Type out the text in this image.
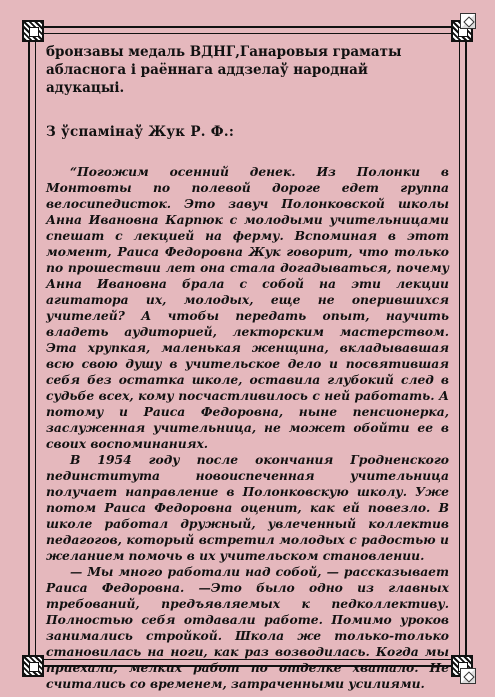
бронзавы медаль ВДНГ,Ганаровыя граматы абласнога і раённага аддзелаў народнай адукацыі.

З ўспамінаў Жук Р. Ф.:

“Погожим осенний денек. Из Полонки в Монтовты по полевой дороге едет группа велосипедисток. Это завуч Полонковской школы Анна Ивановна Карпюк с молодыми учительницами спешат с лекцией на ферму. Вспоминая в этот момент, Раиса Федоровна Жук говорит, что только по прошествии лет она стала догадываться, почему Анна Ивановна брала с собой на эти лекции агитатора их, молодых, еще не оперившихся учителей? А чтобы передать опыт, научить владеть аудиторией, лекторским мастерством. Эта хрупкая, маленькая женщина, вкладывавшая всю свою душу в учительское дело и посвятившая себя без остатка школе, оставила глубокий след в судьбе всех, кому посчастливилось с ней работать. А потому и Раиса Федоровна, ныне пенсионерка, заслуженная учительница, не может обойти ее в своих воспоминаниях.

В 1954 году после окончания Гродненского пединститута новоиспеченная учительница получает направление в Полонковскую школу. Уже потом Раиса Федоровна оценит, как ей повезло. В школе работал дружный, увлеченный коллектив педагогов, который встретил молодых с радостью и желанием помочь в их учительском становлении.

— Мы много работали над собой, — рассказывает Раиса Федоровна. —Это было одно из главных требований, предъявляемых к педколлективу. Полностью себя отдавали работе. Помимо уроков занимались стройкой. Школа же только-только становилась на ноги, как раз возводилась. Когда мы приехали, мелких работ по отделке хватало. Не считались со временем, затраченными усилиями.
